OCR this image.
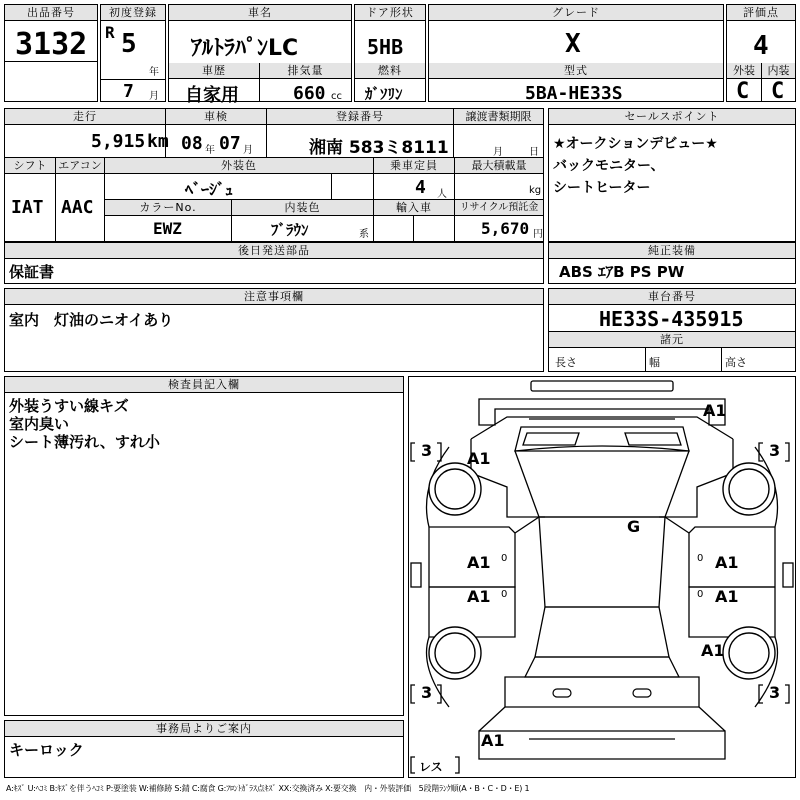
出品番号
3132
初度登録
R 5
年
7 月
車名
ｱﾙﾄﾗﾊﾟﾝLC
車歴	排気量
自家用	660 cc
ドア形状
5HB
燃料
ｶﾞｿﾘﾝ
グレード
X
型式
5BA-HE33S
評価点
4
外装	内装
C C
走行	車検	登録番号	譲渡書類期限
5,915 km 08 年 07 月	湘南 583ミ8111	月	日
シフト	エアコン	外装色	乗車定員	最大積載量
IAT AAC
ﾍﾞｰｼﾞｭ	4 人	kg
カラーNo.	内装色	輸入車	リサイクル預託金
EWZ	ﾌﾞﾗｳﾝ	系	5,670 円
セールスポイント
★オークションデビュー★
バックモニター、
シートヒーター
後日発送部品
保証書
純正装備
ABS ｴｱB PS PW
注意事項欄
室内　灯油のニオイあり
車台番号
HE33S-435915
諸元
長さ	幅	高さ
検査員記入欄
外装うすい線キズ
室内臭い
シート薄汚れ、すれ小
事務局よりご案内
キーロック
A1
A1
G
A1
A1
A1
A1
A1
A1
3	3
3	3
レス
0
0
0
0
A:ｷｽﾞ U:ﾍｺﾐ B:ｷｽﾞを伴うﾍｺﾐ P:要塗装 W:補修跡 S:錆 C:腐食 G:ﾌﾛﾝﾄｶﾞﾗｽ点ｷｽﾞ XX:交換済み X:要交換　内・外装評価　5段階ﾗﾝｸ順(A・B・C・D・E) 1
